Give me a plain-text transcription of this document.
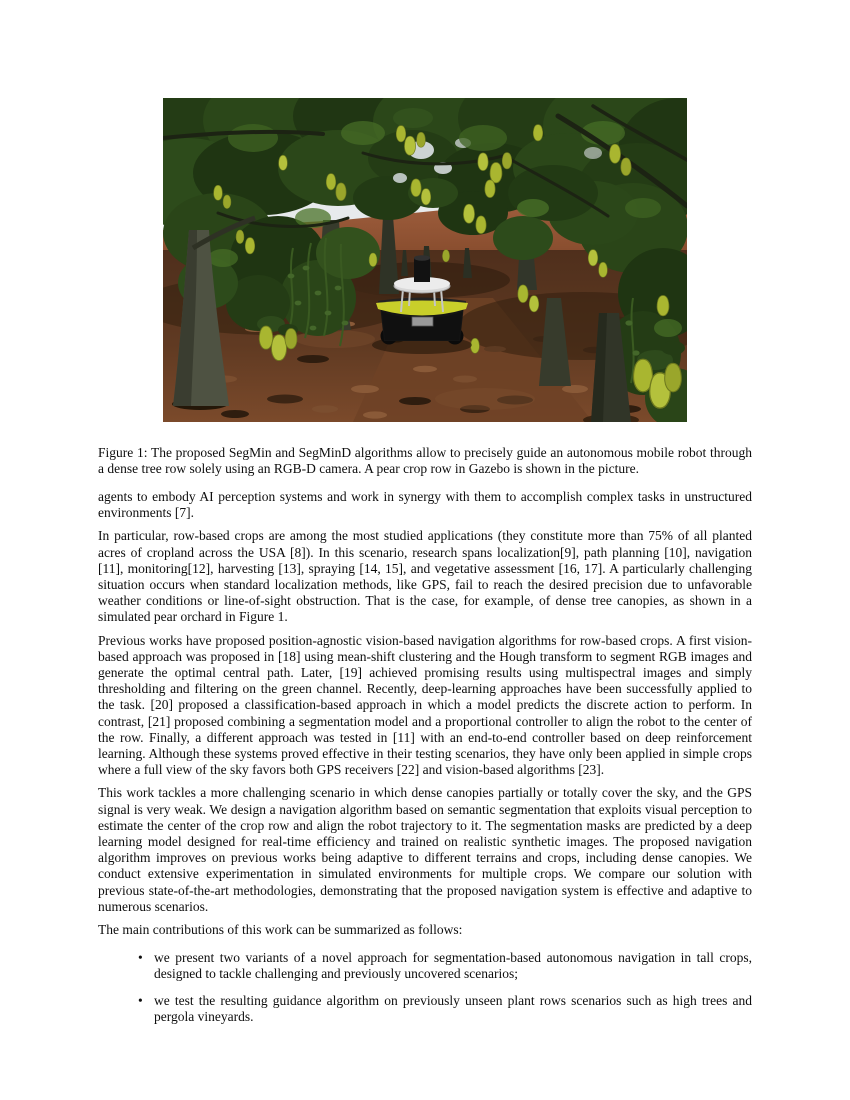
Figure 1: The proposed SegMin and SegMinD algorithms allow to precisely guide an autonomous mobile robot through a dense tree row solely using an RGB-D camera. A pear crop row in Gazebo is shown in the picture.

agents to embody AI perception systems and work in synergy with them to accomplish complex tasks in unstructured environments [7].

In particular, row-based crops are among the most studied applications (they constitute more than 75% of all planted acres of cropland across the USA [8]). In this scenario, research spans localization[9], path planning [10], navigation [11], monitoring[12], harvesting [13], spraying [14, 15], and vegetative assessment [16, 17]. A particularly challenging situation occurs when standard localization methods, like GPS, fail to reach the desired precision due to unfavorable weather conditions or line-of-sight obstruction. That is the case, for example, of dense tree canopies, as shown in a simulated pear orchard in Figure 1.

Previous works have proposed position-agnostic vision-based navigation algorithms for row-based crops. A first vision-based approach was proposed in [18] using mean-shift clustering and the Hough transform to segment RGB images and generate the optimal central path. Later, [19] achieved promising results using multispectral images and simply thresholding and filtering on the green channel. Recently, deep-learning approaches have been successfully applied to the task. [20] proposed a classification-based approach in which a model predicts the discrete action to perform. In contrast, [21] proposed combining a segmentation model and a proportional controller to align the robot to the center of the row. Finally, a different approach was tested in [11] with an end-to-end controller based on deep reinforcement learning. Although these systems proved effective in their testing scenarios, they have only been applied in simple crops where a full view of the sky favors both GPS receivers [22] and vision-based algorithms [23].

This work tackles a more challenging scenario in which dense canopies partially or totally cover the sky, and the GPS signal is very weak. We design a navigation algorithm based on semantic segmentation that exploits visual perception to estimate the center of the crop row and align the robot trajectory to it. The segmentation masks are predicted by a deep learning model designed for real-time efficiency and trained on realistic synthetic images. The proposed navigation algorithm improves on previous works being adaptive to different terrains and crops, including dense canopies. We conduct extensive experimentation in simulated environments for multiple crops. We compare our solution with previous state-of-the-art methodologies, demonstrating that the proposed navigation system is effective and adaptive to numerous scenarios.

The main contributions of this work can be summarized as follows:

• we present two variants of a novel approach for segmentation-based autonomous navigation in tall crops, designed to tackle challenging and previously uncovered scenarios;
• we test the resulting guidance algorithm on previously unseen plant rows scenarios such as high trees and pergola vineyards.
